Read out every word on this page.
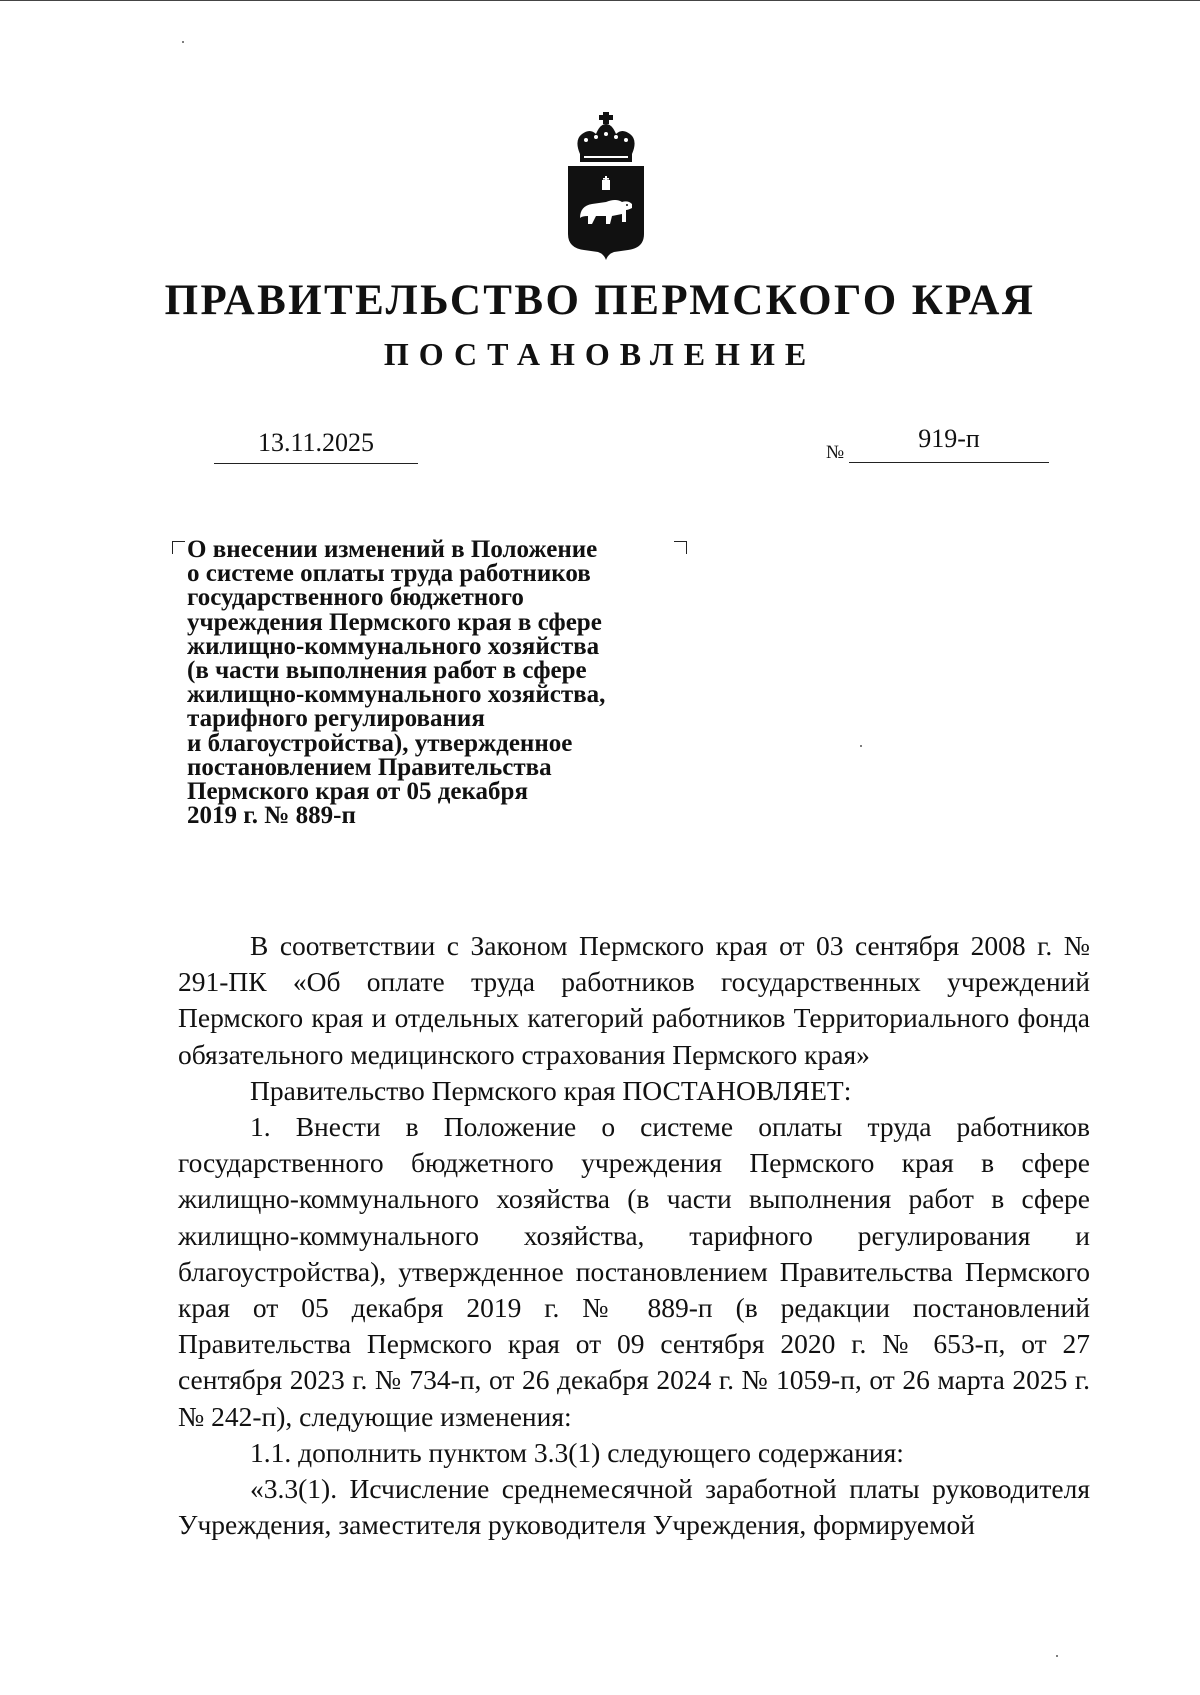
ПРАВИТЕЛЬСТВО ПЕРМСКОГО КРАЯ
ПОСТАНОВЛЕНИЕ
13.11.2025	№	919-п
О внесении изменений в Положение
о системе оплаты труда работников
государственного бюджетного
учреждения Пермского края в сфере
жилищно-коммунального хозяйства
(в части выполнения работ в сфере
жилищно-коммунального хозяйства,
тарифного регулирования
и благоустройства), утвержденное
постановлением Правительства
Пермского края от 05 декабря
2019 г. № 889-п

В соответствии с Законом Пермского края от 03 сентября 2008 г. № 291-ПК «Об оплате труда работников государственных учреждений Пермского края и отдельных категорий работников Территориального фонда обязательного медицинского страхования Пермского края»

Правительство Пермского края ПОСТАНОВЛЯЕТ:

1. Внести в Положение о системе оплаты труда работников государственного бюджетного учреждения Пермского края в сфере жилищно-коммунального хозяйства (в части выполнения работ в сфере жилищно-коммунального хозяйства, тарифного регулирования и благоустройства), утвержденное постановлением Правительства Пермского края от 05 декабря 2019 г. № 889-п (в редакции постановлений Правительства Пермского края от 09 сентября 2020 г. № 653-п, от 27 сентября 2023 г. № 734-п, от 26 декабря 2024 г. № 1059-п, от 26 марта 2025 г. № 242-п), следующие изменения:

1.1. дополнить пунктом 3.3(1) следующего содержания:

«3.3(1). Исчисление среднемесячной заработной платы руководителя Учреждения, заместителя руководителя Учреждения, формируемой
